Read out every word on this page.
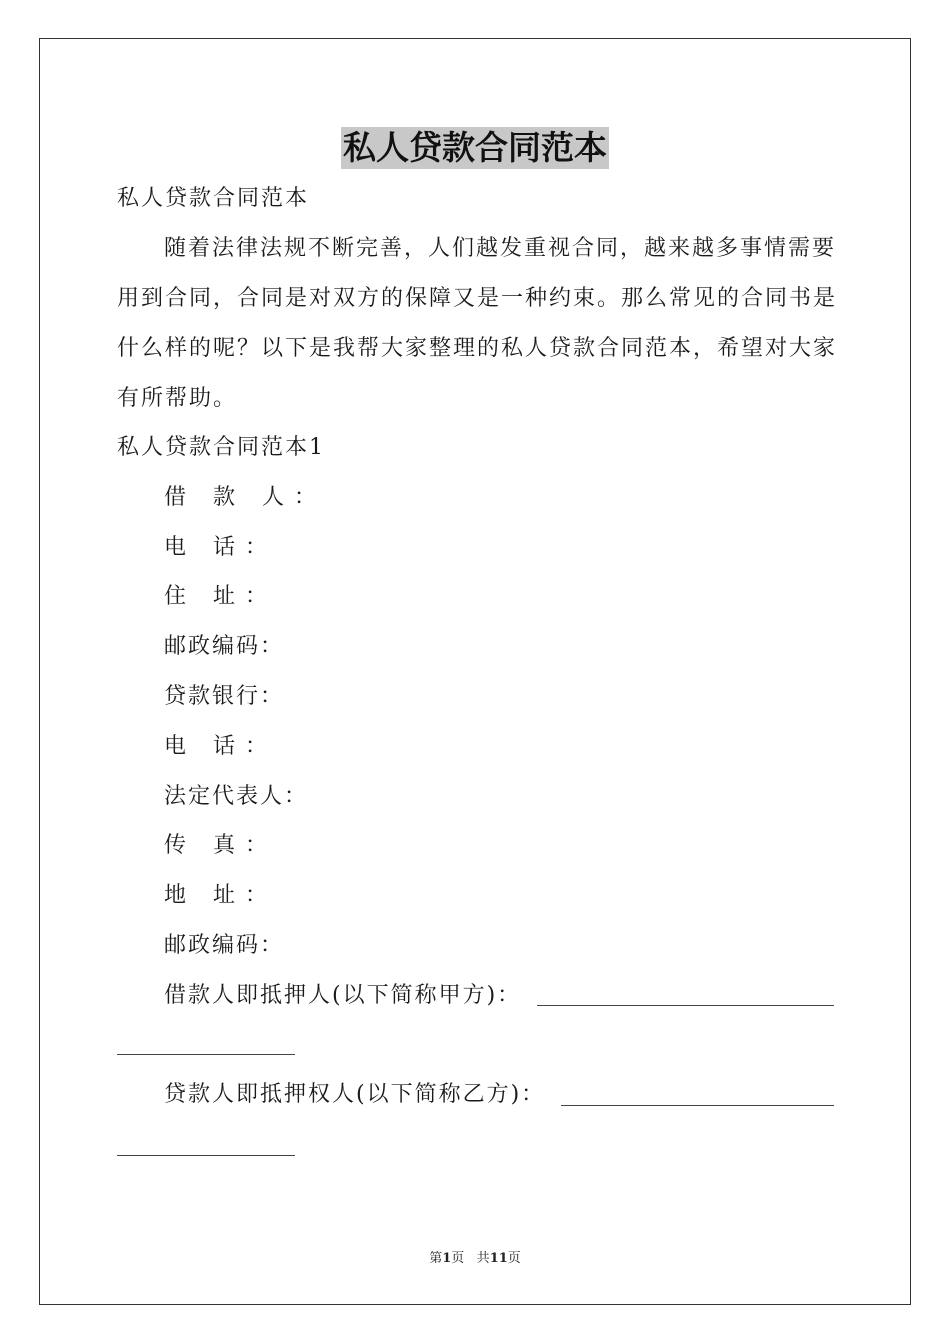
私人贷款合同范本
私人贷款合同范本
随着法律法规不断完善，人们越发重视合同，越来越多事情需要
用到合同，合同是对双方的保障又是一种约束。那么常见的合同书是
什么样的呢？以下是我帮大家整理的私人贷款合同范本，希望对大家
有所帮助。
私人贷款合同范本1
借 款 人：
电 话：
住 址：
邮政编码：
贷款银行：
电 话：
法定代表人：
传 真：
地 址：
邮政编码：
借款人即抵押人(以下简称甲方)：
贷款人即抵押权人(以下简称乙方)：
第1页 共11页
